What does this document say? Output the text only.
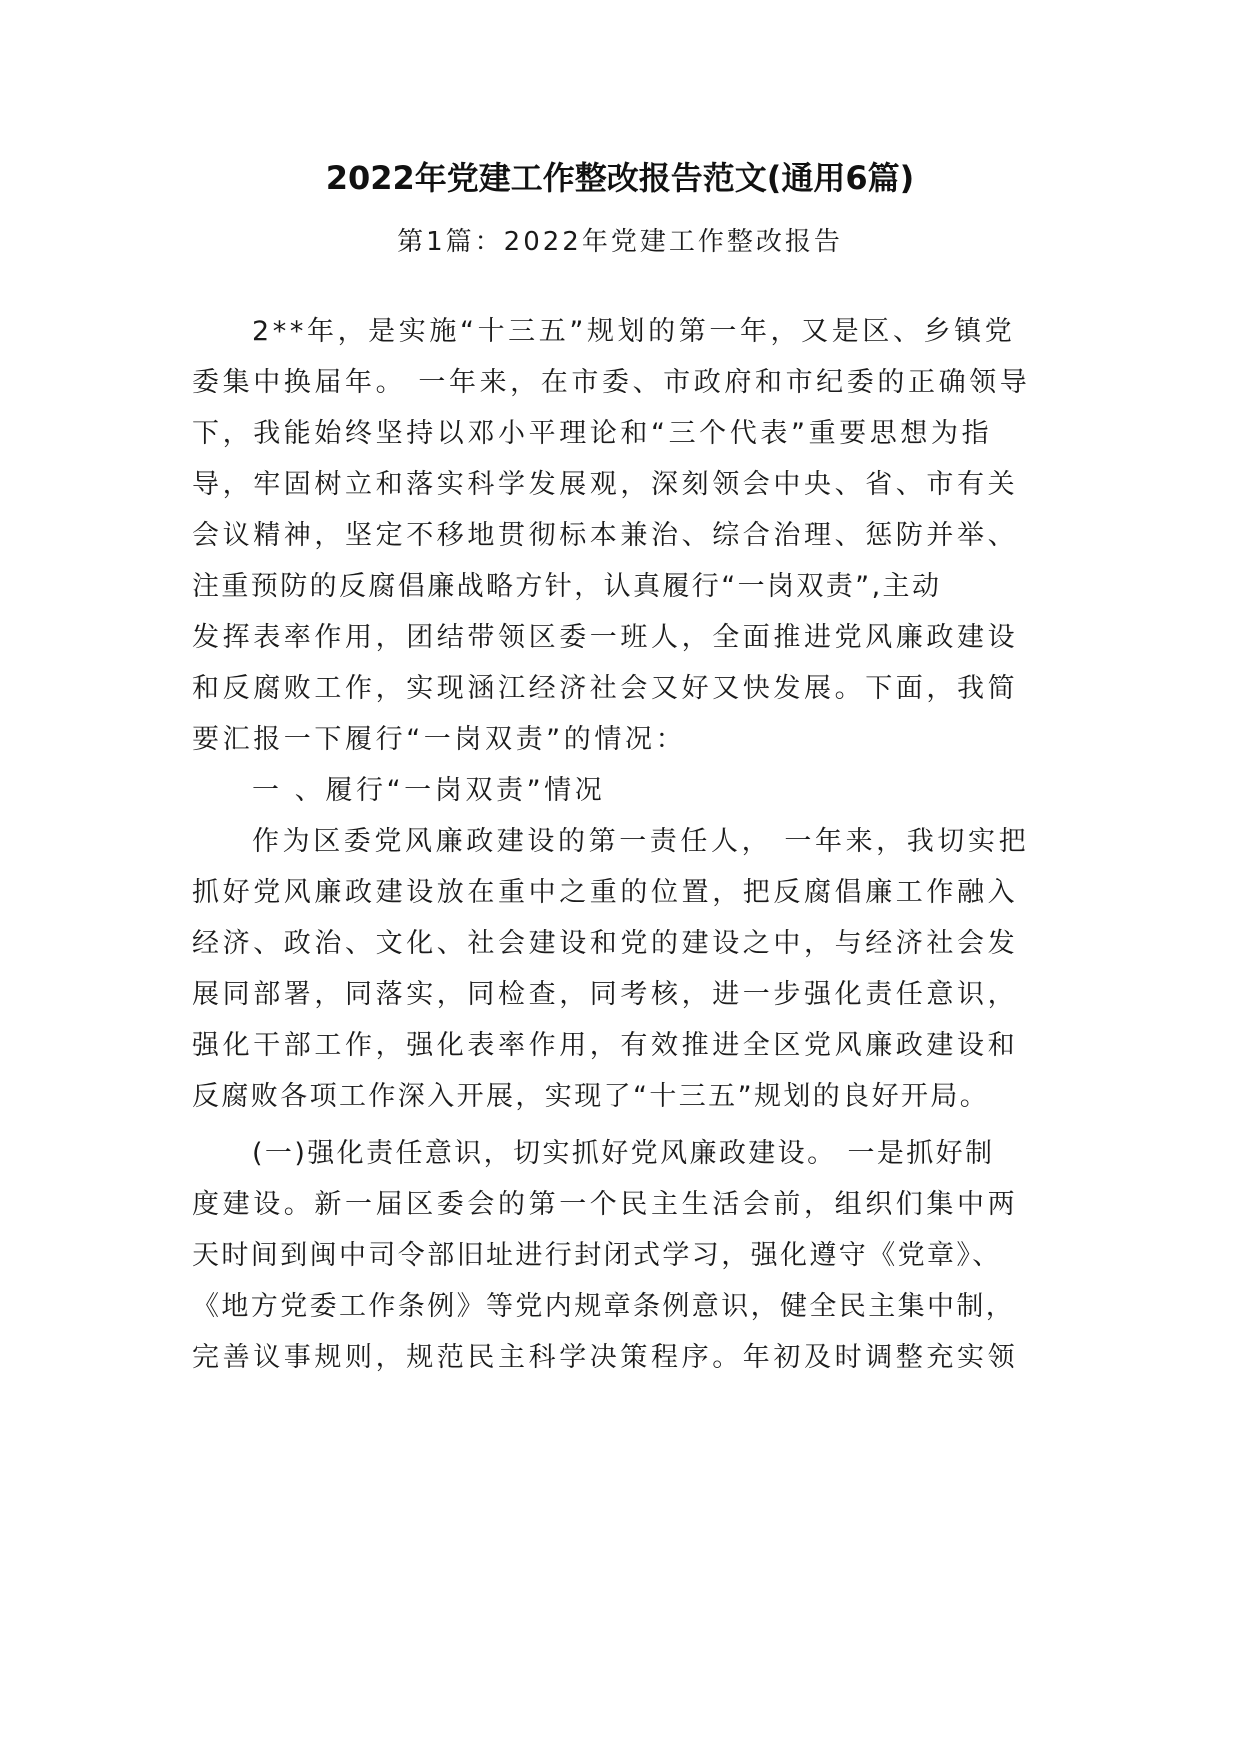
2022年党建工作整改报告范文(通用6篇)
第1篇：2022年党建工作整改报告
2**年，是实施“十三五”规划的第一年，又是区、乡镇党
委集中换届年。 一年来，在市委、市政府和市纪委的正确领导
下，我能始终坚持以邓小平理论和“三个代表”重要思想为指
导，牢固树立和落实科学发展观，深刻领会中央、省、市有关
会议精神，坚定不移地贯彻标本兼治、综合治理、惩防并举、
注重预防的反腐倡廉战略方针，认真履行“一岗双责”,主动
发挥表率作用，团结带领区委一班人，全面推进党风廉政建设
和反腐败工作，实现涵江经济社会又好又快发展。下面，我简
要汇报一下履行“一岗双责”的情况：
一 、履行“一岗双责”情况
作为区委党风廉政建设的第一责任人， 一年来，我切实把
抓好党风廉政建设放在重中之重的位置，把反腐倡廉工作融入
经济、政治、文化、社会建设和党的建设之中，与经济社会发
展同部署，同落实，同检查，同考核，进一步强化责任意识，
强化干部工作，强化表率作用，有效推进全区党风廉政建设和
反腐败各项工作深入开展，实现了“十三五”规划的良好开局。
(一)强化责任意识，切实抓好党风廉政建设。 一是抓好制
度建设。新一届区委会的第一个民主生活会前，组织们集中两
天时间到闽中司令部旧址进行封闭式学习，强化遵守《党章》、
《地方党委工作条例》等党内规章条例意识，健全民主集中制，
完善议事规则，规范民主科学决策程序。年初及时调整充实领
